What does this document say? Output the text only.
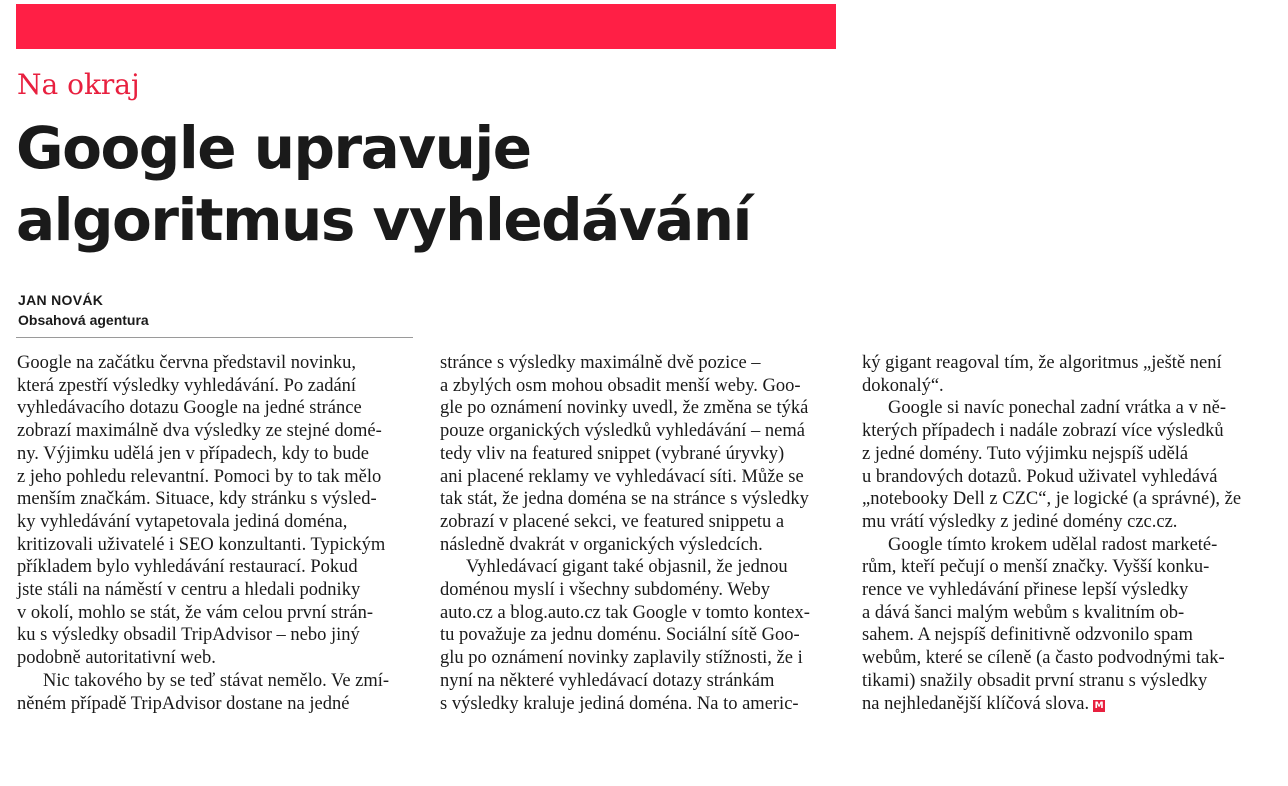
Na okraj
Google upravuje
algoritmus vyhledávání
JAN NOVÁK
Obsahová agentura
Google na začátku června představil novinku,
která zpestří výsledky vyhledávání. Po zadání
vyhledávacího dotazu Google na jedné stránce
zobrazí maximálně dva výsledky ze stejné domé-
ny. Výjimku udělá jen v případech, kdy to bude
z jeho pohledu relevantní. Pomoci by to tak mělo
menším značkám. Situace, kdy stránku s výsled-
ky vyhledávání vytapetovala jediná doména,
kritizovali uživatelé i SEO konzultanti. Typickým
příkladem bylo vyhledávání restaurací. Pokud
jste stáli na náměstí v centru a hledali podniky
v okolí, mohlo se stát, že vám celou první strán-
ku s výsledky obsadil TripAdvisor – nebo jiný
podobně autoritativní web.
Nic takového by se teď stávat nemělo. Ve zmí-
něném případě TripAdvisor dostane na jedné
stránce s výsledky maximálně dvě pozice –
a zbylých osm mohou obsadit menší weby. Goo-
gle po oznámení novinky uvedl, že změna se týká
pouze organických výsledků vyhledávání – nemá
tedy vliv na featured snippet (vybrané úryvky)
ani placené reklamy ve vyhledávací síti. Může se
tak stát, že jedna doména se na stránce s výsledky
zobrazí v placené sekci, ve featured snippetu a
následně dvakrát v organických výsledcích.
Vyhledávací gigant také objasnil, že jednou
doménou myslí i všechny subdomény. Weby
auto.cz a blog.auto.cz tak Google v tomto kontex-
tu považuje za jednu doménu. Sociální sítě Goo-
glu po oznámení novinky zaplavily stížnosti, že i
nyní na některé vyhledávací dotazy stránkám
s výsledky kraluje jediná doména. Na to americ-
ký gigant reagoval tím, že algoritmus „ještě není
dokonalý“.
Google si navíc ponechal zadní vrátka a v ně-
kterých případech i nadále zobrazí více výsledků
z jedné domény. Tuto výjimku nejspíš udělá
u brandových dotazů. Pokud uživatel vyhledává
„notebooky Dell z CZC“, je logické (a správné), že
mu vrátí výsledky z jediné domény czc.cz.
Google tímto krokem udělal radost marketé-
rům, kteří pečují o menší značky. Vyšší konku-
rence ve vyhledávání přinese lepší výsledky
a dává šanci malým webům s kvalitním ob-
sahem. A nejspíš definitivně odzvonilo spam
webům, které se cíleně (a často podvodnými tak-
tikami) snažily obsadit první stranu s výsledky
na nejhledanější klíčová slova. M
